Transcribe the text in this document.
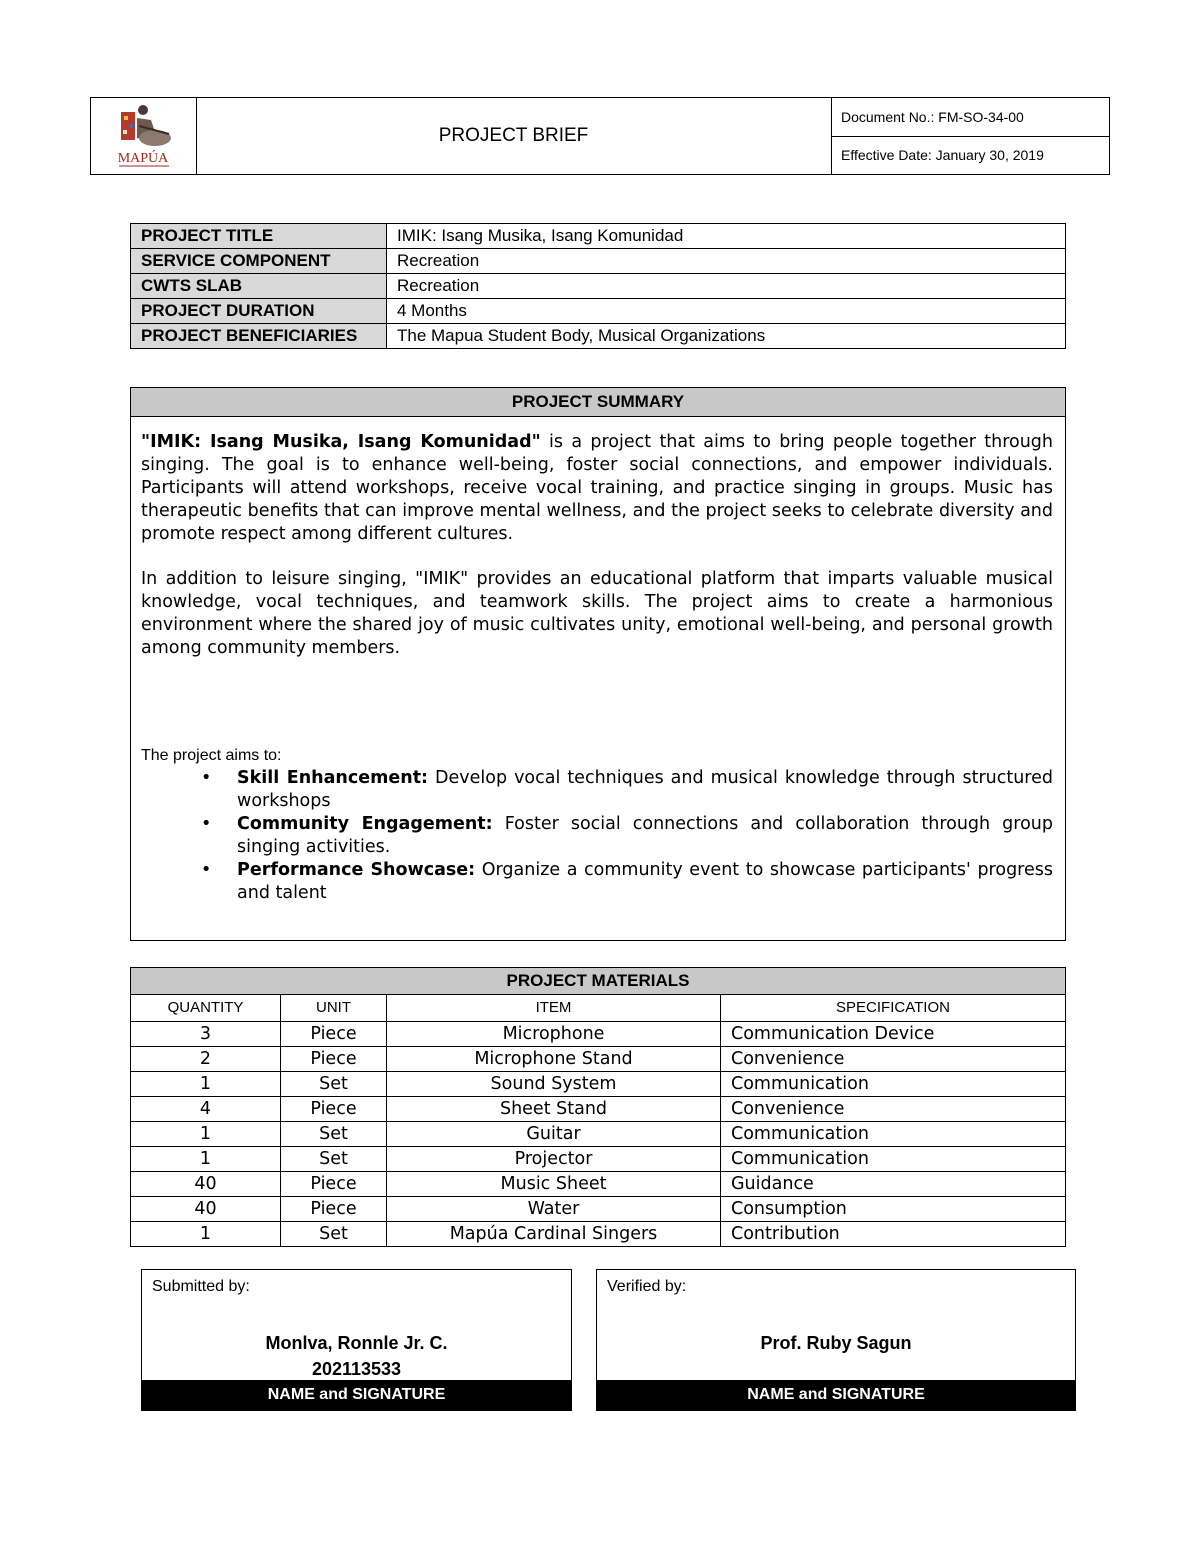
MAPÚA
PROJECT BRIEF
Document No.: FM-SO-34-00
Effective Date: January 30, 2019
PROJECT TITLE	IMIK: Isang Musika, Isang Komunidad
SERVICE COMPONENT	Recreation
CWTS SLAB	Recreation
PROJECT DURATION	4 Months
PROJECT BENEFICIARIES	The Mapua Student Body, Musical Organizations
PROJECT SUMMARY

"IMIK: Isang Musika, Isang Komunidad" is a project that aims to bring people together through singing. The goal is to enhance well-being, foster social connections, and empower individuals. Participants will attend workshops, receive vocal training, and practice singing in groups. Music has therapeutic benefits that can improve mental wellness, and the project seeks to celebrate diversity and promote respect among different cultures.

In addition to leisure singing, "IMIK" provides an educational platform that imparts valuable musical knowledge, vocal techniques, and teamwork skills. The project aims to create a harmonious environment where the shared joy of music cultivates unity, emotional well-being, and personal growth among community members.

The project aims to:

• Skill Enhancement: Develop vocal techniques and musical knowledge through structured workshops
• Community Engagement: Foster social connections and collaboration through group singing activities.
• Performance Showcase: Organize a community event to showcase participants' progress and talent
PROJECT MATERIALS			
QUANTITY	UNIT	ITEM	SPECIFICATION
3	Piece	Microphone	Communication Device
2	Piece	Microphone Stand	Convenience
1	Set	Sound System	Communication
4	Piece	Sheet Stand	Convenience
1	Set	Guitar	Communication
1	Set	Projector	Communication
40	Piece	Music Sheet	Guidance
40	Piece	Water	Consumption
1	Set	Mapúa Cardinal Singers	Contribution
Submitted by:
Monlva, Ronnle Jr. C.
202113533
NAME and SIGNATURE
Verified by:
Prof. Ruby Sagun
NAME and SIGNATURE
